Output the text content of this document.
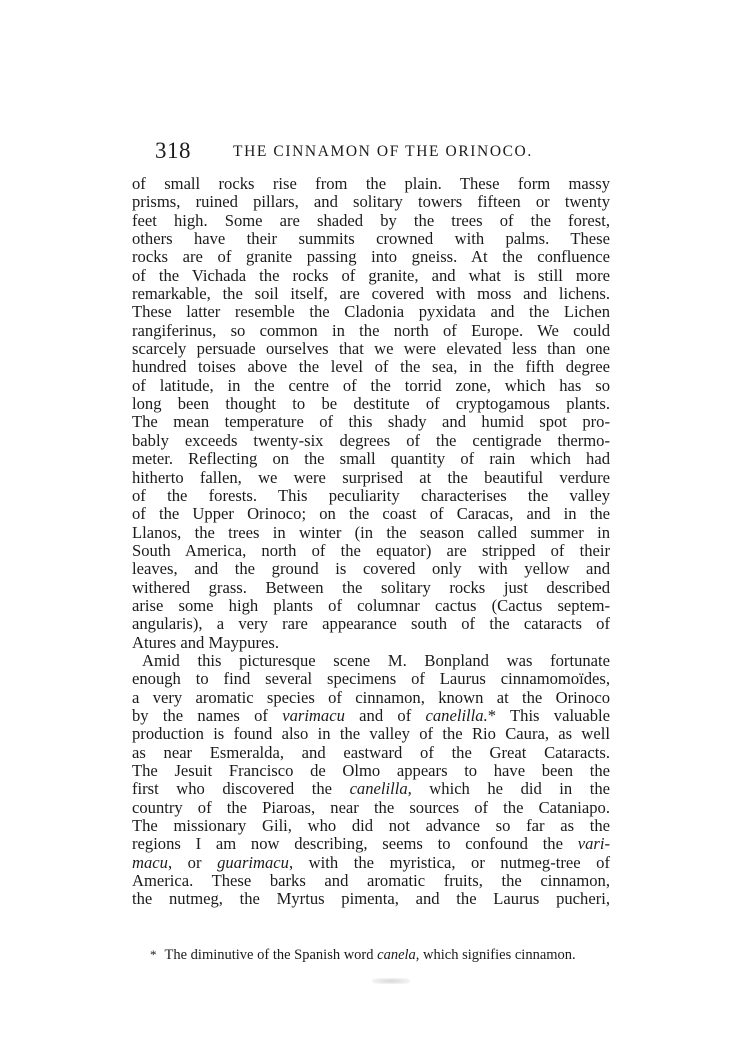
318	THE CINNAMON OF THE ORINOCO.
of small rocks rise from the plain. These form massy
prisms, ruined pillars, and solitary towers fifteen or twenty
feet high. Some are shaded by the trees of the forest,
others have their summits crowned with palms. These
rocks are of granite passing into gneiss. At the confluence
of the Vichada the rocks of granite, and what is still more
remarkable, the soil itself, are covered with moss and lichens.
These latter resemble the Cladonia pyxidata and the Lichen
rangiferinus, so common in the north of Europe. We could
scarcely persuade ourselves that we were elevated less than one
hundred toises above the level of the sea, in the fifth degree
of latitude, in the centre of the torrid zone, which has so
long been thought to be destitute of cryptogamous plants.
The mean temperature of this shady and humid spot pro-
bably exceeds twenty-six degrees of the centigrade thermo-
meter. Reflecting on the small quantity of rain which had
hitherto fallen, we were surprised at the beautiful verdure
of the forests. This peculiarity characterises the valley
of the Upper Orinoco; on the coast of Caracas, and in the
Llanos, the trees in winter (in the season called summer in
South America, north of the equator) are stripped of their
leaves, and the ground is covered only with yellow and
withered grass. Between the solitary rocks just described
arise some high plants of columnar cactus (Cactus septem-
angularis), a very rare appearance south of the cataracts of
Atures and Maypures.
Amid this picturesque scene M. Bonpland was fortunate
enough to find several specimens of Laurus cinnamomoïdes,
a very aromatic species of cinnamon, known at the Orinoco
by the names of varimacu and of canelilla.* This valuable
production is found also in the valley of the Rio Caura, as well
as near Esmeralda, and eastward of the Great Cataracts.
The Jesuit Francisco de Olmo appears to have been the
first who discovered the canelilla, which he did in the
country of the Piaroas, near the sources of the Cataniapo.
The missionary Gili, who did not advance so far as the
regions I am now describing, seems to confound the vari-
macu, or guarimacu, with the myristica, or nutmeg-tree of
America. These barks and aromatic fruits, the cinnamon,
the nutmeg, the Myrtus pimenta, and the Laurus pucheri,
* The diminutive of the Spanish word canela, which signifies cinnamon.
